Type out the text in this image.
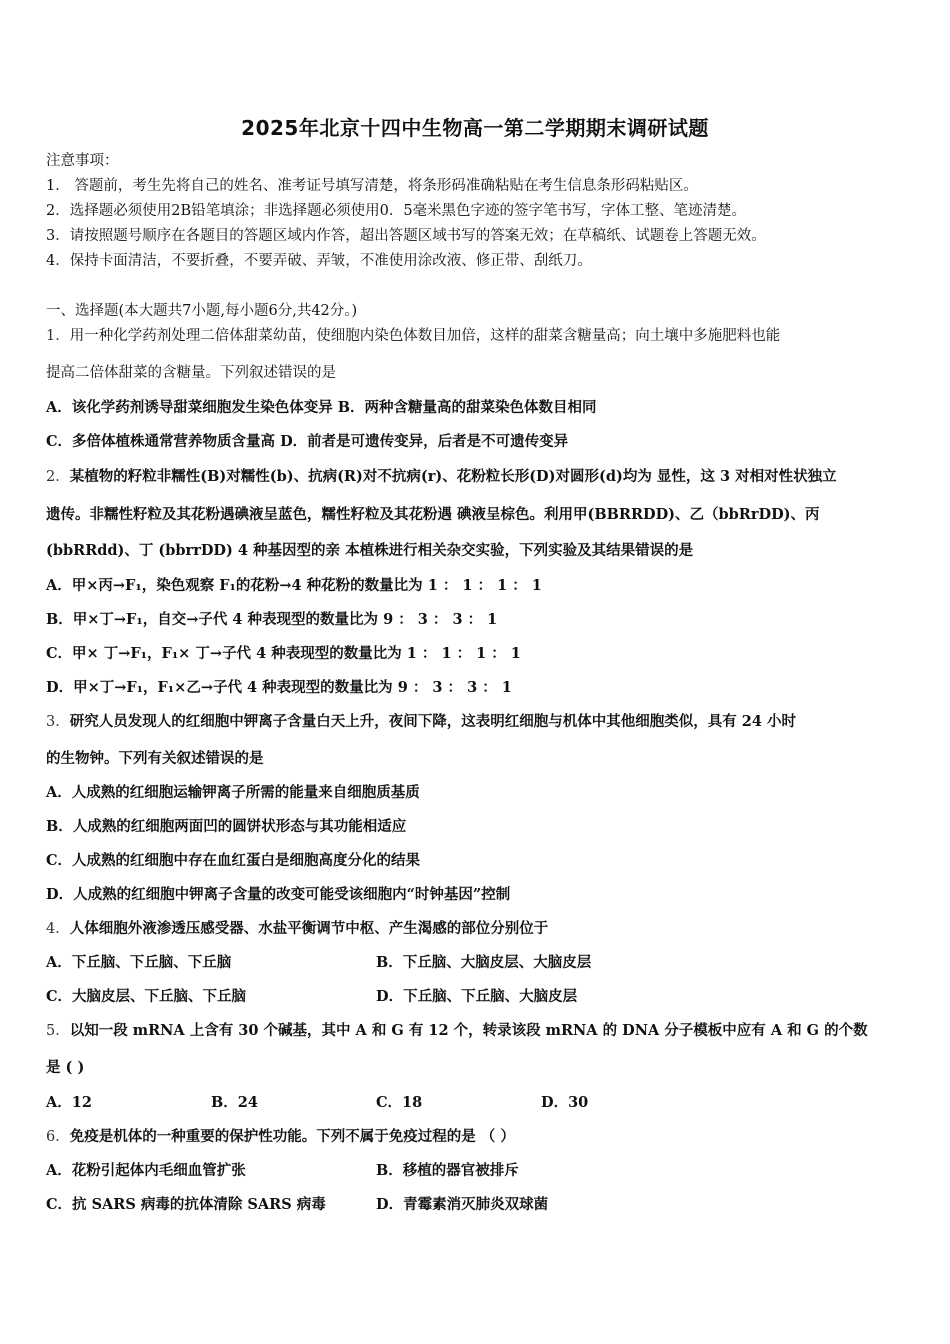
2025年北京十四中生物高一第二学期期末调研试题
注意事项：
1． 答题前，考生先将自己的姓名、准考证号填写清楚，将条形码准确粘贴在考生信息条形码粘贴区。
2．选择题必须使用2B铅笔填涂；非选择题必须使用0．5毫米黑色字迹的签字笔书写，字体工整、笔迹清楚。
3．请按照题号顺序在各题目的答题区域内作答，超出答题区域书写的答案无效；在草稿纸、试题卷上答题无效。
4．保持卡面清洁，不要折叠，不要弄破、弄皱，不准使用涂改液、修正带、刮纸刀。
一、选择题(本大题共7小题,每小题6分,共42分。)
1．用一种化学药剂处理二倍体甜菜幼苗，使细胞内染色体数目加倍，这样的甜菜含糖量高；向土壤中多施肥料也能
提高二倍体甜菜的含糖量。下列叙述错误的是
A．该化学药剂诱导甜菜细胞发生染色体变异 B．两种含糖量高的甜菜染色体数目相同
C．多倍体植株通常营养物质含量高 D．前者是可遗传变异，后者是不可遗传变异
2．某植物的籽粒非糯性(B)对糯性(b)、抗病(R)对不抗病(r)、花粉粒长形(D)对圆形(d)均为 显性，这 3 对相对性状独立
遗传。非糯性籽粒及其花粉遇碘液呈蓝色，糯性籽粒及其花粉遇 碘液呈棕色。利用甲(BBRRDD)、乙（bbRrDD)、丙
(bbRRdd)、丁 (bbrrDD) 4 种基因型的亲 本植株进行相关杂交实验，下列实验及其结果错误的是
A．甲×丙→F₁，染色观察 F₁的花粉→4 种花粉的数量比为 1 ： 1 ： 1 ： 1
B．甲×丁→F₁，自交→子代 4 种表现型的数量比为 9 ： 3 ： 3 ： 1
C．甲× 丁→F₁，F₁× 丁→子代 4 种表现型的数量比为 1 ： 1 ： 1 ： 1
D．甲×丁→F₁，F₁×乙→子代 4 种表现型的数量比为 9 ： 3 ： 3 ： 1
3．研究人员发现人的红细胞中钾离子含量白天上升，夜间下降，这表明红细胞与机体中其他细胞类似，具有 24 小时
的生物钟。下列有关叙述错误的是
A．人成熟的红细胞运输钾离子所需的能量来自细胞质基质
B．人成熟的红细胞两面凹的圆饼状形态与其功能相适应
C．人成熟的红细胞中存在血红蛋白是细胞高度分化的结果
D．人成熟的红细胞中钾离子含量的改变可能受该细胞内“时钟基因”控制
4．人体细胞外液渗透压感受器、水盐平衡调节中枢、产生渴感的部位分别位于
A．下丘脑、下丘脑、下丘脑	B．下丘脑、大脑皮层、大脑皮层
C．大脑皮层、下丘脑、下丘脑	D．下丘脑、下丘脑、大脑皮层
5．以知一段 mRNA 上含有 30 个碱基，其中 A 和 G 有 12 个，转录该段 mRNA 的 DNA 分子模板中应有 A 和 G 的个数
是 ( )
A．12	B．24	C．18	D．30
6．免疫是机体的一种重要的保护性功能。下列不属于免疫过程的是 （ ）
A．花粉引起体内毛细血管扩张	B．移植的器官被排斥
C．抗 SARS 病毒的抗体清除 SARS 病毒	D．青霉素消灭肺炎双球菌
